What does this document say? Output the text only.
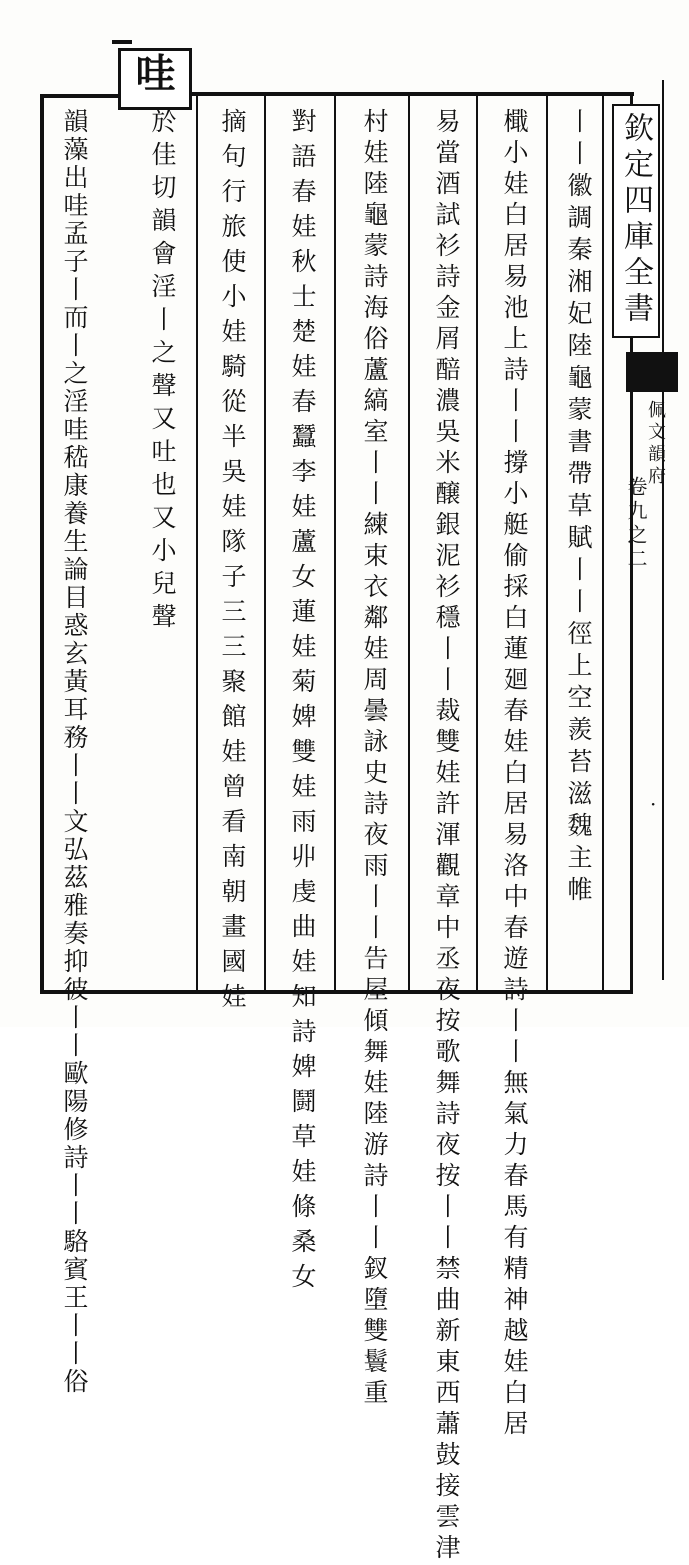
哇
欽定四庫全書
佩文韻府
卷九之二
丨丨徽調秦湘妃陸龜蒙書帶草賦丨丨徑上空羨苔滋魏主帷
檝小娃白居易池上詩丨丨撐小艇偷採白蓮廻春娃白居易洛中春遊詩丨丨無氣力春馬有精神越娃白居
易當酒試衫詩金屑醅濃吳米醸銀泥衫穩丨丨裁雙娃許渾觀章中丞夜按歌舞詩夜按丨丨禁曲新東西蕭鼓接雲津
村娃陸龜蒙詩海俗蘆縞室丨丨練束衣鄰娃周曇詠史詩夜雨丨丨告屋傾舞娃陸游詩丨丨釵墮雙鬟重
對語春娃秋士楚娃春蠶李娃蘆女蓮娃菊婢雙娃雨丱虔曲娃知詩婢鬪草娃條桑女
摘句行旅使小娃騎從半吳娃隊子三三聚館娃曾看南朝畫國娃
於佳切韻會淫丨之聲又吐也又小兒聲
韻藻出哇孟子丨而丨之淫哇嵇康養生論目惑玄黃耳務丨丨文弘茲雅奏抑彼丨丨歐陽修詩丨丨駱賓王丨丨俗	·
